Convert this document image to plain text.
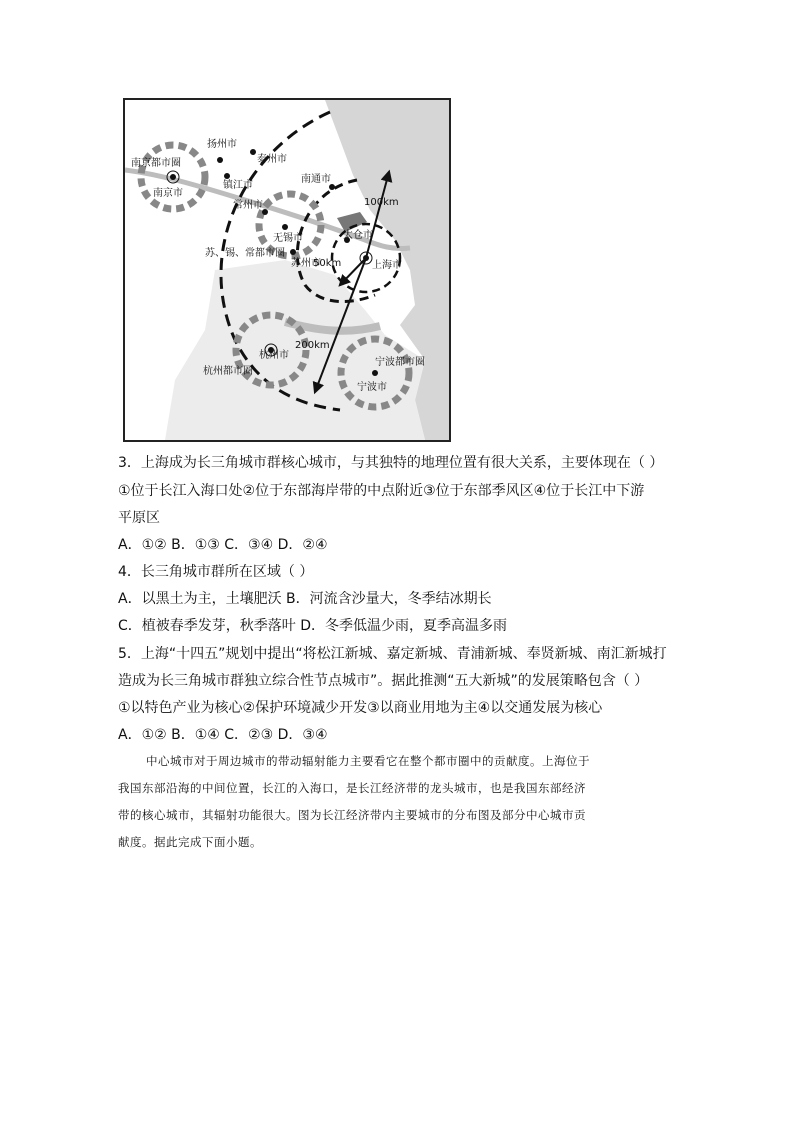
南京都市圈
南京市
扬州市
泰州市
镇江市
南通市
常州市
无锡市	太仓市
苏、锡、常都市圈
苏州市	上海市
100km
50km
200km
杭州市
杭州都市圈
宁波都市圈
宁波市
3．上海成为长三角城市群核心城市，与其独特的地理位置有很大关系，主要体现在（ ）
①位于长江入海口处②位于东部海岸带的中点附近③位于东部季风区④位于长江中下游
平原区
A．①② B．①③ C．③④ D．②④
4．长三角城市群所在区域（ ）
A．以黑土为主，土壤肥沃 B．河流含沙量大，冬季结冰期长
C．植被春季发芽，秋季落叶 D．冬季低温少雨，夏季高温多雨
5．上海“十四五”规划中提出“将松江新城、嘉定新城、青浦新城、奉贤新城、南汇新城打
造成为长三角城市群独立综合性节点城市”。据此推测“五大新城”的发展策略包含（ ）
①以特色产业为核心②保护环境减少开发③以商业用地为主④以交通发展为核心
A．①② B．①④ C．②③ D．③④
中心城市对于周边城市的带动辐射能力主要看它在整个都市圈中的贡献度。上海位于
我国东部沿海的中间位置，长江的入海口，是长江经济带的龙头城市，也是我国东部经济
带的核心城市，其辐射功能很大。图为长江经济带内主要城市的分布图及部分中心城市贡
献度。据此完成下面小题。
